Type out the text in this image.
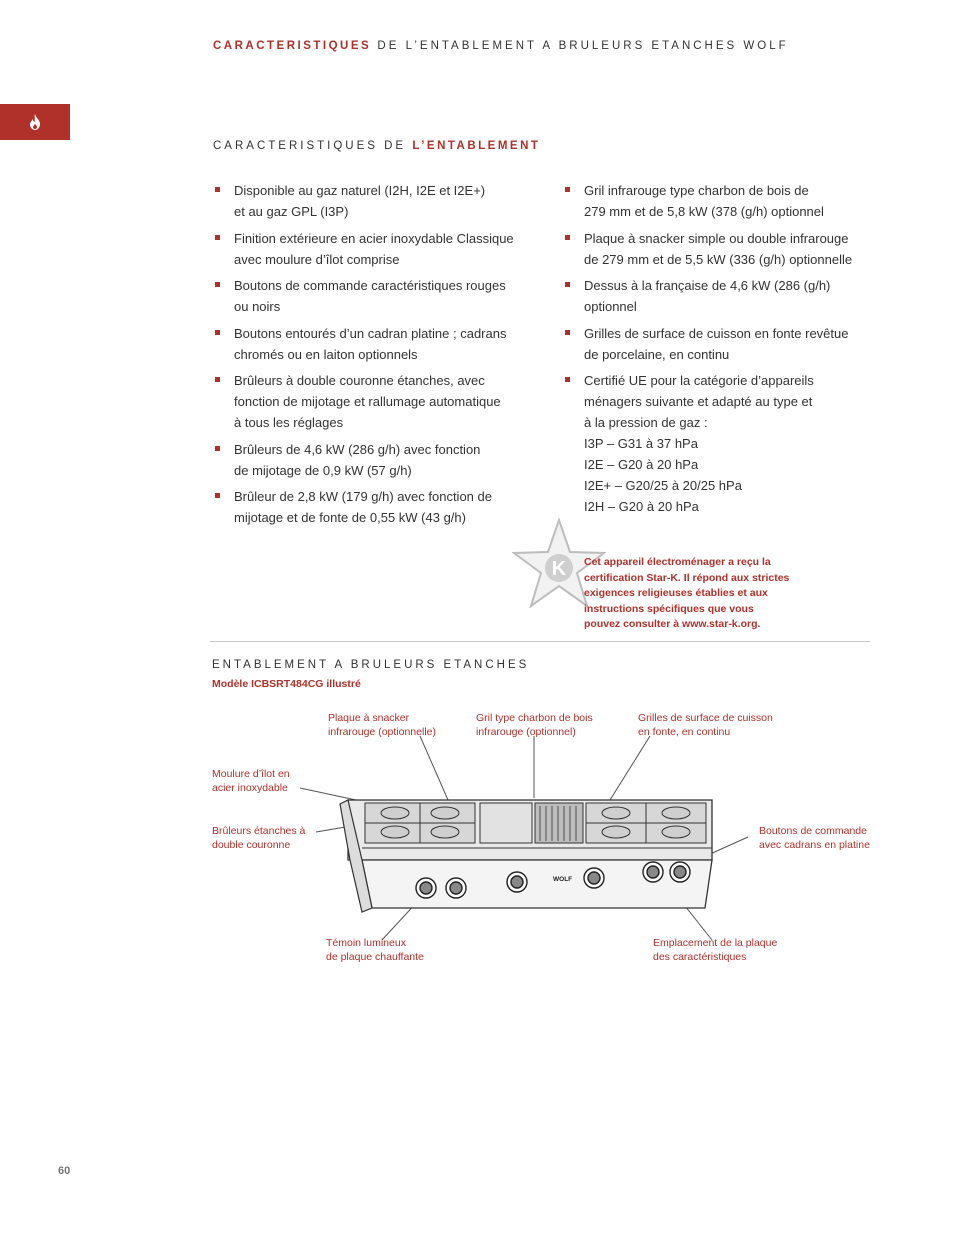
CARACTERISTIQUES DE L’ENTABLEMENT A BRULEURS ETANCHES WOLF
CARACTERISTIQUES DE L’ENTABLEMENT
Disponible au gaz naturel (I2H, I2E et I2E+)
et au gaz GPL (I3P)
Finition extérieure en acier inoxydable Classique
avec moulure d’îlot comprise
Boutons de commande caractéristiques rouges
ou noirs
Boutons entourés d’un cadran platine ; cadrans
chromés ou en laiton optionnels
Brûleurs à double couronne étanches, avec
fonction de mijotage et rallumage automatique
à tous les réglages
Brûleurs de 4,6 kW (286 g/h) avec fonction
de mijotage de 0,9 kW (57 g/h)
Brûleur de 2,8 kW (179 g/h) avec fonction de
mijotage et de fonte de 0,55 kW (43 g/h)
Gril infrarouge type charbon de bois de
279 mm et de 5,8 kW (378 (g/h) optionnel
Plaque à snacker simple ou double infrarouge
de 279 mm et de 5,5 kW (336 (g/h) optionnelle
Dessus à la française de 4,6 kW (286 (g/h)
optionnel
Grilles de surface de cuisson en fonte revêtue
de porcelaine, en continu
Certifié UE pour la catégorie d’appareils
ménagers suivante et adapté au type et
à la pression de gaz :
I3P – G31 à 37 hPa
I2E – G20 à 20 hPa
I2E+ – G20/25 à 20/25 hPa
I2H – G20 à 20 hPa
K Cet appareil électroménager a reçu la
certification Star-K. Il répond aux strictes
exigences religieuses établies et aux
instructions spécifiques que vous
pouvez consulter à www.star-k.org.
ENTABLEMENT A BRULEURS ETANCHES
Modèle ICBSRT484CG illustré
WOLF
Plaque à snacker
infrarouge (optionnelle)
Gril type charbon de bois
infrarouge (optionnel)
Grilles de surface de cuisson
en fonte, en continu
Moulure d’îlot en
acier inoxydable
Brûleurs étanches à
double couronne
Boutons de commande
avec cadrans en platine
Témoin lumineux
de plaque chauffante
Emplacement de la plaque
des caractéristiques
60
